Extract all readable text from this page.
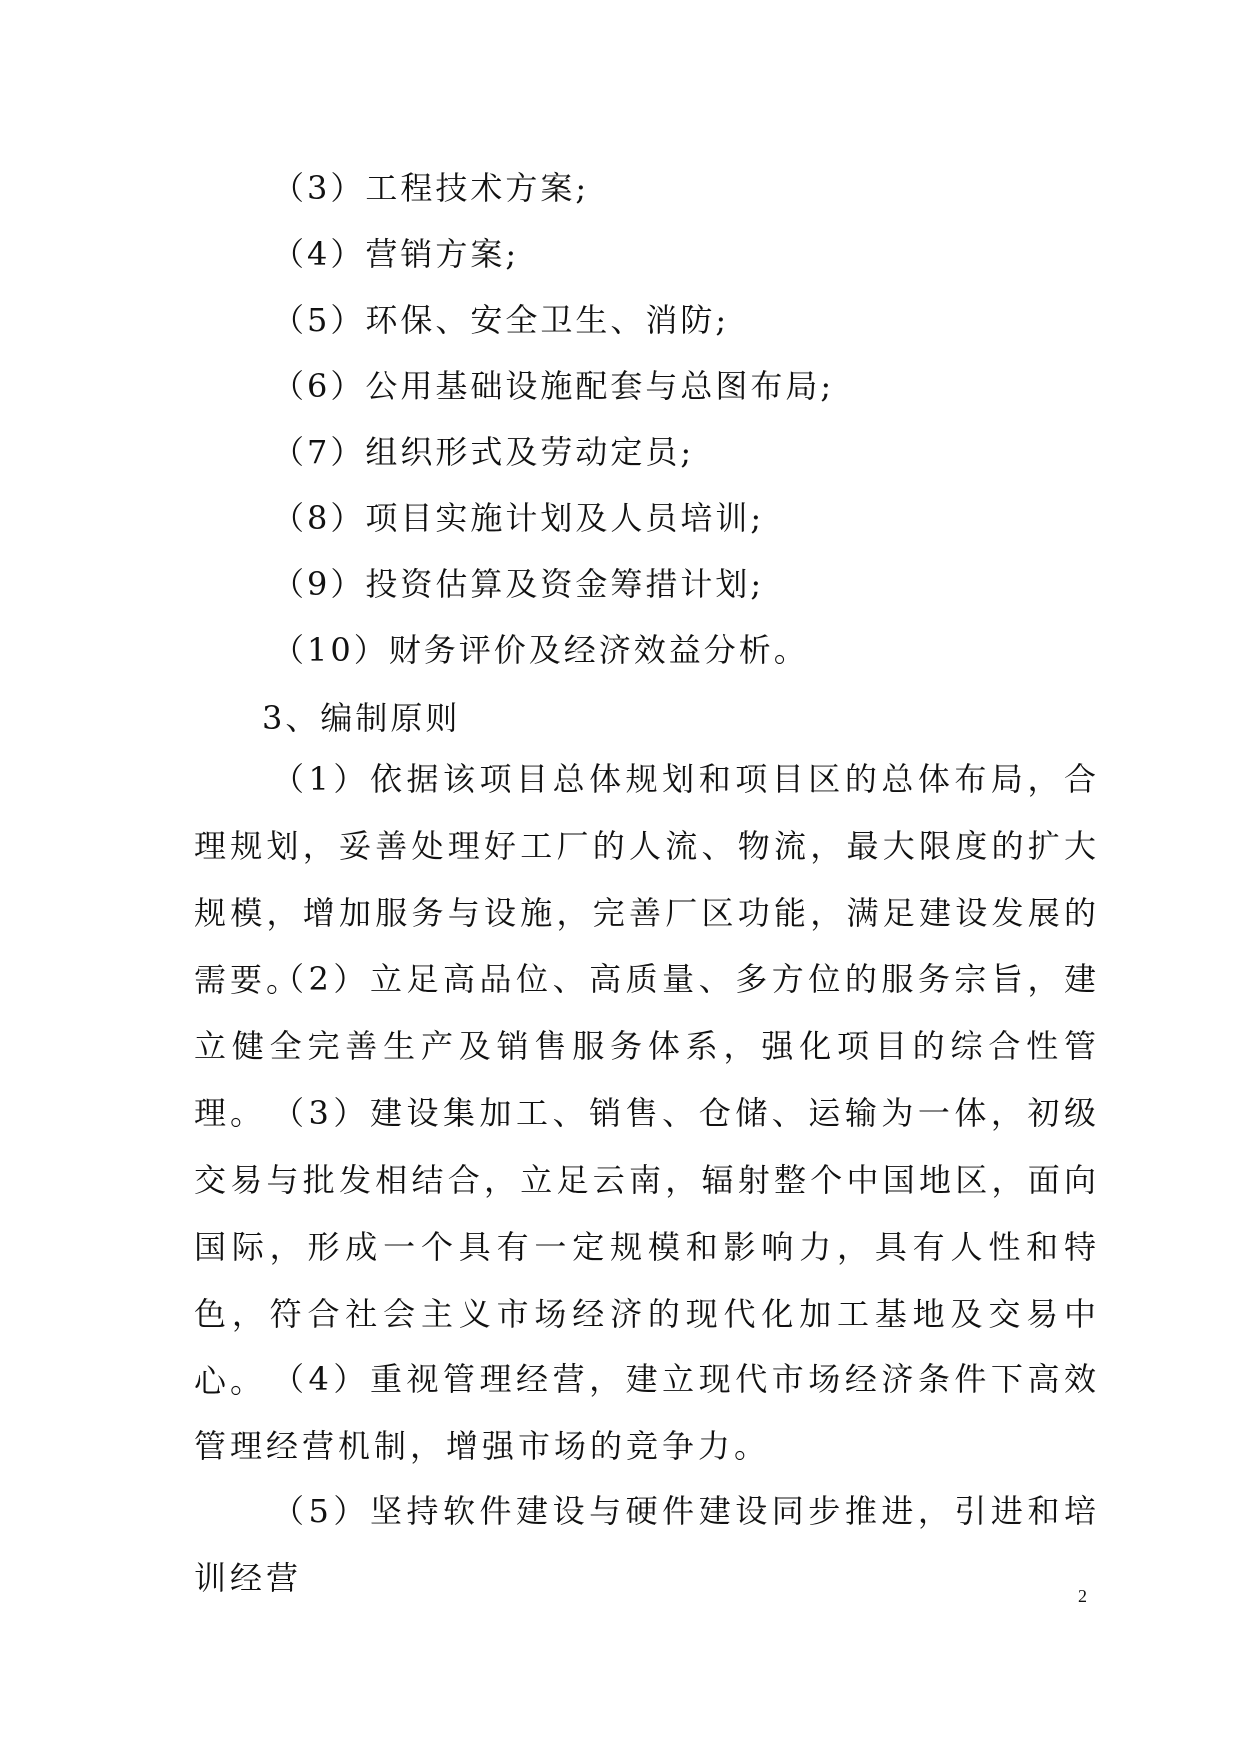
（3）工程技术方案;
（4）营销方案;
（5）环保、安全卫生、消防;
（6）公用基础设施配套与总图布局;
（7）组织形式及劳动定员;
（8）项目实施计划及人员培训;
（9）投资估算及资金筹措计划;
（10）财务评价及经济效益分析。
3、编制原则

（1）依据该项目总体规划和项目区的总体布局，合理规划，妥善处理好工厂的人流、物流，最大限度的扩大规模，增加服务与设施，完善厂区功能，满足建设发展的需要。

（2）立足高品位、高质量、多方位的服务宗旨，建立健全完善生产及销售服务体系，强化项目的综合性管理。 （3）建设集加工、销售、仓储、运输为一体，初级交易与批发相结合，立足云南，辐射整个中国地区，面向国际，形成一个具有一定规模和影响力，具有人性和特色，符合社会主义市场经济的现代化加工基地及交易中心。 （4）重视管理经营，建立现代市场经济条件下高效管理经营机制，增强市场的竞争力。

（5）坚持软件建设与硬件建设同步推进，引进和培训经营	2
